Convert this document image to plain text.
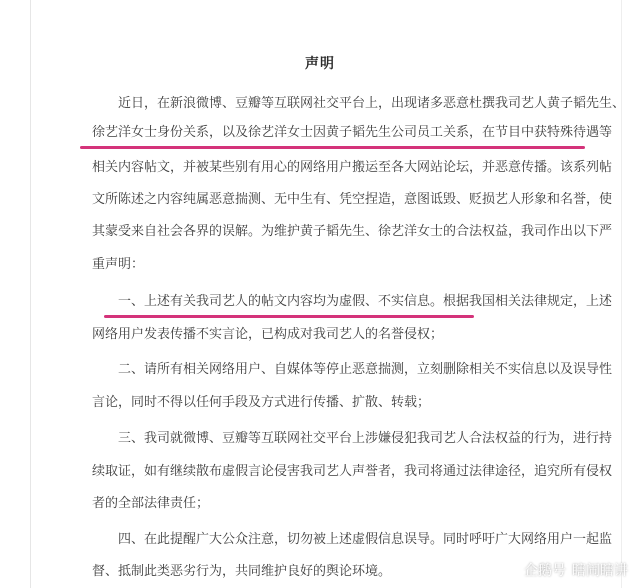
声明
近日，在新浪微博、豆瓣等互联网社交平台上，出现诸多恶意杜撰我司艺人黄子韬先生、
徐艺洋女士身份关系，以及徐艺洋女士因黄子韬先生公司员工关系，在节目中获特殊待遇等
相关内容帖文，并被某些别有用心的网络用户搬运至各大网站论坛，并恶意传播。该系列帖
文所陈述之内容纯属恶意揣测、无中生有、凭空捏造，意图诋毁、贬损艺人形象和名誉，使
其蒙受来自社会各界的误解。为维护黄子韬先生、徐艺洋女士的合法权益，我司作出以下严
重声明：
一、上述有关我司艺人的帖文内容均为虚假、不实信息。根据我国相关法律规定，上述
网络用户发表传播不实言论，已构成对我司艺人的名誉侵权；
二、请所有相关网络用户、自媒体等停止恶意揣测，立刻删除相关不实信息以及误导性
言论，同时不得以任何手段及方式进行传播、扩散、转载；
三、我司就微博、豆瓣等互联网社交平台上涉嫌侵犯我司艺人合法权益的行为，进行持
续取证，如有继续散布虚假言论侵害我司艺人声誉者，我司将通过法律途径，追究所有侵权
者的全部法律责任；
四、在此提醒广大公众注意，切勿被上述虚假信息误导。同时呼吁广大网络用户一起监
督、抵制此类恶劣行为，共同维护良好的舆论环境。	企鹅号 瞎闹瞎讲
